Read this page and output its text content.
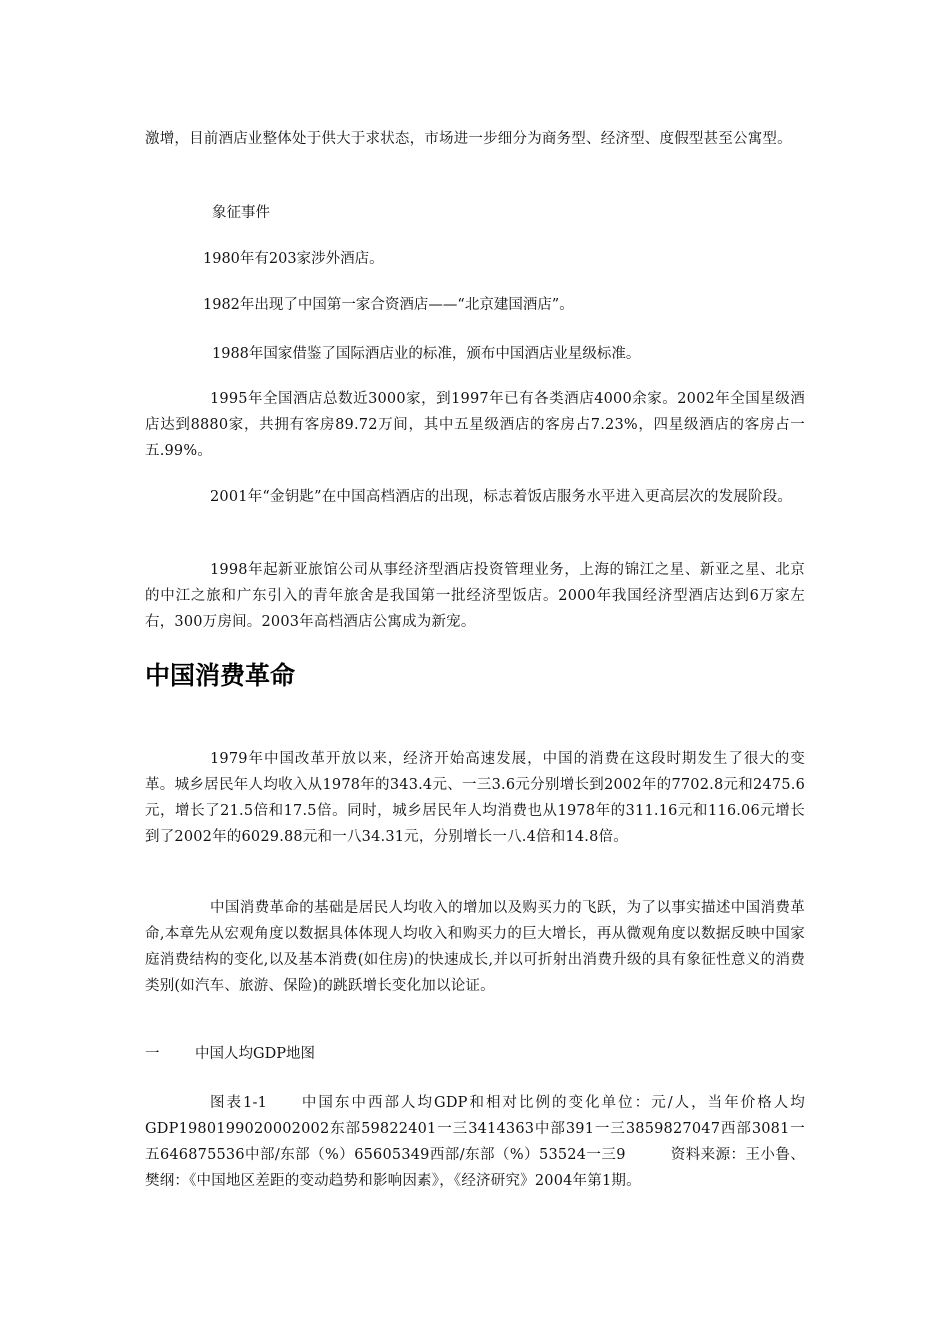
激增，目前酒店业整体处于供大于求状态，市场进一步细分为商务型、经济型、度假型甚至公寓型。

象征事件

1980年有203家涉外酒店。

1982年出现了中国第一家合资酒店——“北京建国酒店”。

1988年国家借鉴了国际酒店业的标准，颁布中国酒店业星级标准。

1995年全国酒店总数近3000家，到1997年已有各类酒店4000余家。2002年全国星级酒店达到8880家，共拥有客房89.72万间，其中五星级酒店的客房占7.23%，四星级酒店的客房占一五.99%。

2001年“金钥匙”在中国高档酒店的出现，标志着饭店服务水平进入更高层次的发展阶段。

1998年起新亚旅馆公司从事经济型酒店投资管理业务，上海的锦江之星、新亚之星、北京的中江之旅和广东引入的青年旅舍是我国第一批经济型饭店。2000年我国经济型酒店达到6万家左右，300万房间。2003年高档酒店公寓成为新宠。

中国消费革命

1979年中国改革开放以来，经济开始高速发展，中国的消费在这段时期发生了很大的变革。城乡居民年人均收入从1978年的343.4元、一三3.6元分别增长到2002年的7702.8元和2475.6元，增长了21.5倍和17.5倍。同时，城乡居民年人均消费也从1978年的311.16元和116.06元增长到了2002年的6029.88元和一八34.31元，分别增长一八.4倍和14.8倍。

中国消费革命的基础是居民人均收入的增加以及购买力的飞跃，为了以事实描述中国消费革命,本章先从宏观角度以数据具体体现人均收入和购买力的巨大增长，再从微观角度以数据反映中国家庭消费结构的变化,以及基本消费(如住房)的快速成长,并以可折射出消费升级的具有象征性意义的消费类别(如汽车、旅游、保险)的跳跃增长变化加以论证。

一 中国人均GDP地图

图表1-1　　中国东中西部人均GDP和相对比例的变化单位：元/人，当年价格人均GDP1980199020002002东部59822401一三3414363中部391一三3859827047西部3081一五646875536中部/东部（%）65605349西部/东部（%）53524一三9　　　资料来源：王小鲁、樊纲：《中国地区差距的变动趋势和影响因素》，《经济研究》2004年第1期。
